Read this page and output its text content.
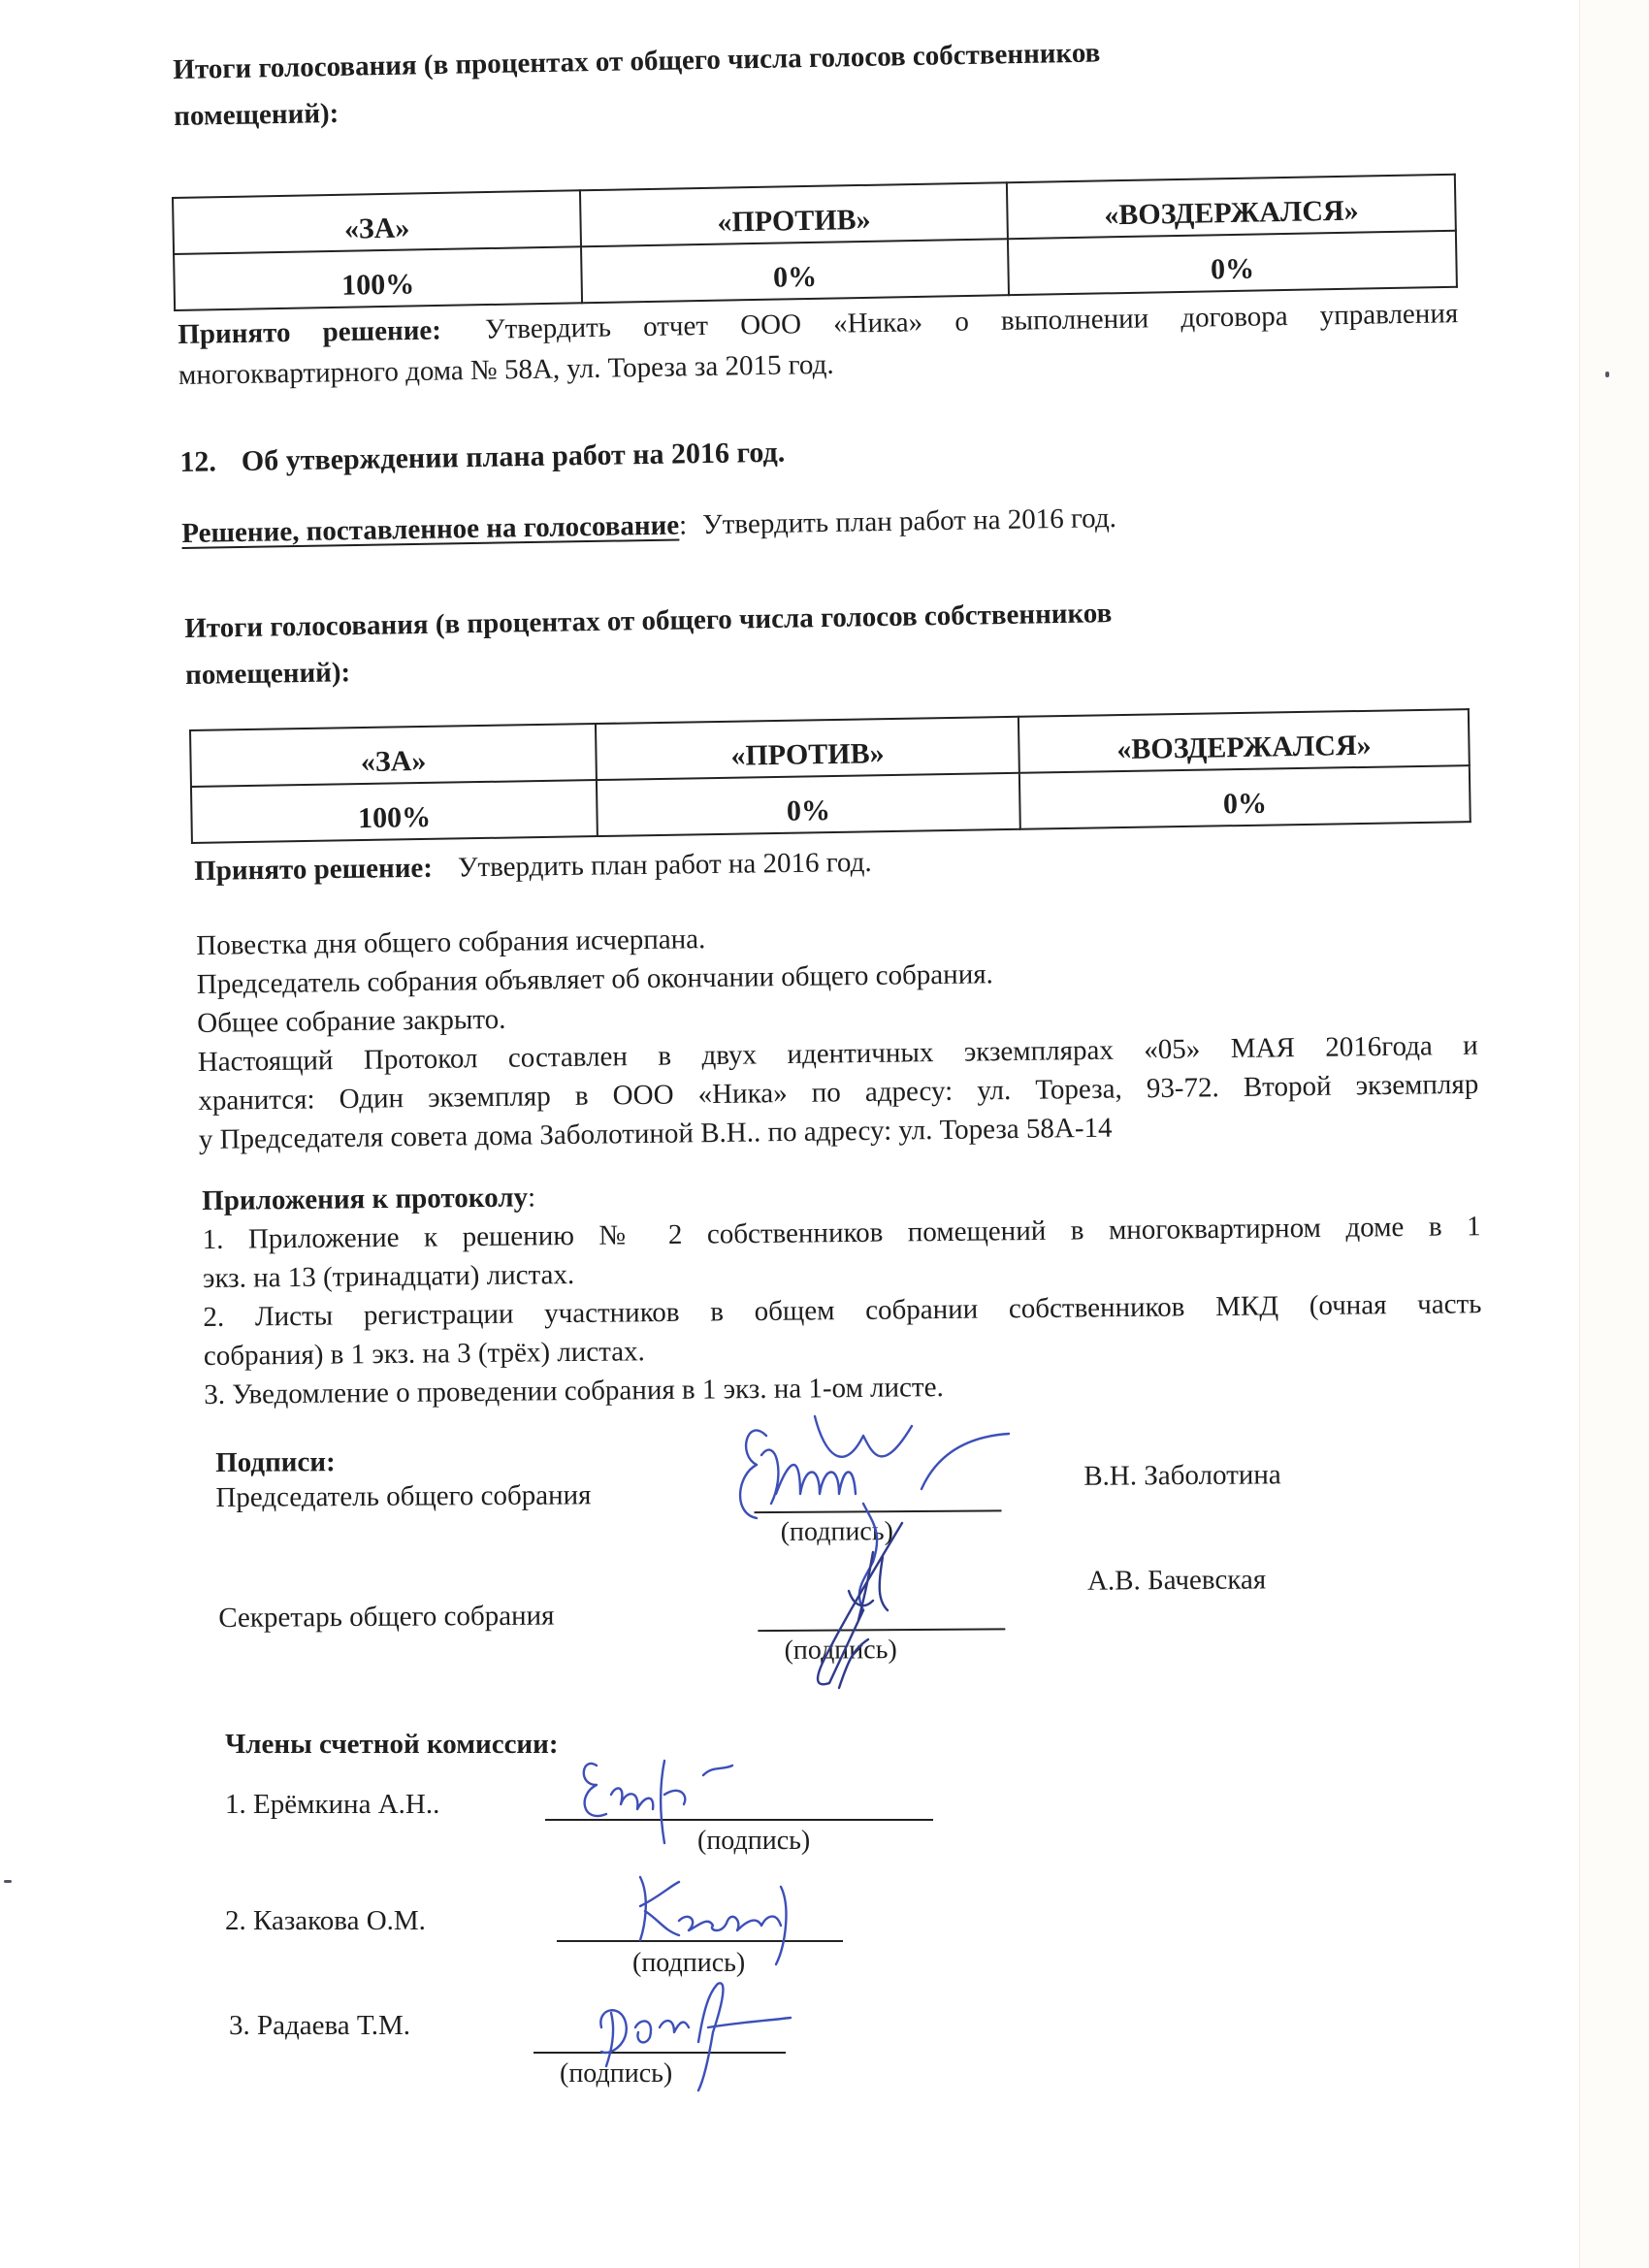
Итоги голосования (в процентах от общего числа голосов собственников
помещений):
«ЗА»	«ПРОТИВ»	«ВОЗДЕРЖАЛСЯ»
100%	0%	0%
Принято решение: Утвердить отчет ООО «Ника» о выполнении договора управления
многоквартирного дома № 58А, ул. Тореза за 2015 год.
12. Об утверждении плана работ на 2016 год.
Решение, поставленное на голосование: Утвердить план работ на 2016 год.
Итоги голосования (в процентах от общего числа голосов собственников
помещений):
«ЗА»	«ПРОТИВ»	«ВОЗДЕРЖАЛСЯ»
100%	0%	0%
Принято решение: Утвердить план работ на 2016 год.
Повестка дня общего собрания исчерпана.
Председатель собрания объявляет об окончании общего собрания.
Общее собрание закрыто.
Настоящий Протокол составлен в двух идентичных экземплярах «05» МАЯ 2016года и
хранится: Один экземпляр в ООО «Ника» по адресу: ул. Тореза, 93-72. Второй экземпляр
у Председателя совета дома Заболотиной В.Н.. по адресу: ул. Тореза 58А-14
Приложения к протоколу:
1. Приложение к решению № 2 собственников помещений в многоквартирном доме в 1
экз. на 13 (тринадцати) листах.
2. Листы регистрации участников в общем собрании собственников МКД (очная часть
собрания) в 1 экз. на 3 (трёх) листах.
3. Уведомление о проведении собрания в 1 экз. на 1-ом листе.
Подписи:
Председатель общего собрания
(подпись)
В.Н. Заболотина
Секретарь общего собрания
(подпись)
А.В. Бачевская
Члены счетной комиссии:
1. Ерёмкина А.Н..
(подпись)
2. Казакова О.М.
(подпись)
3. Радаева Т.М.
(подпись)
